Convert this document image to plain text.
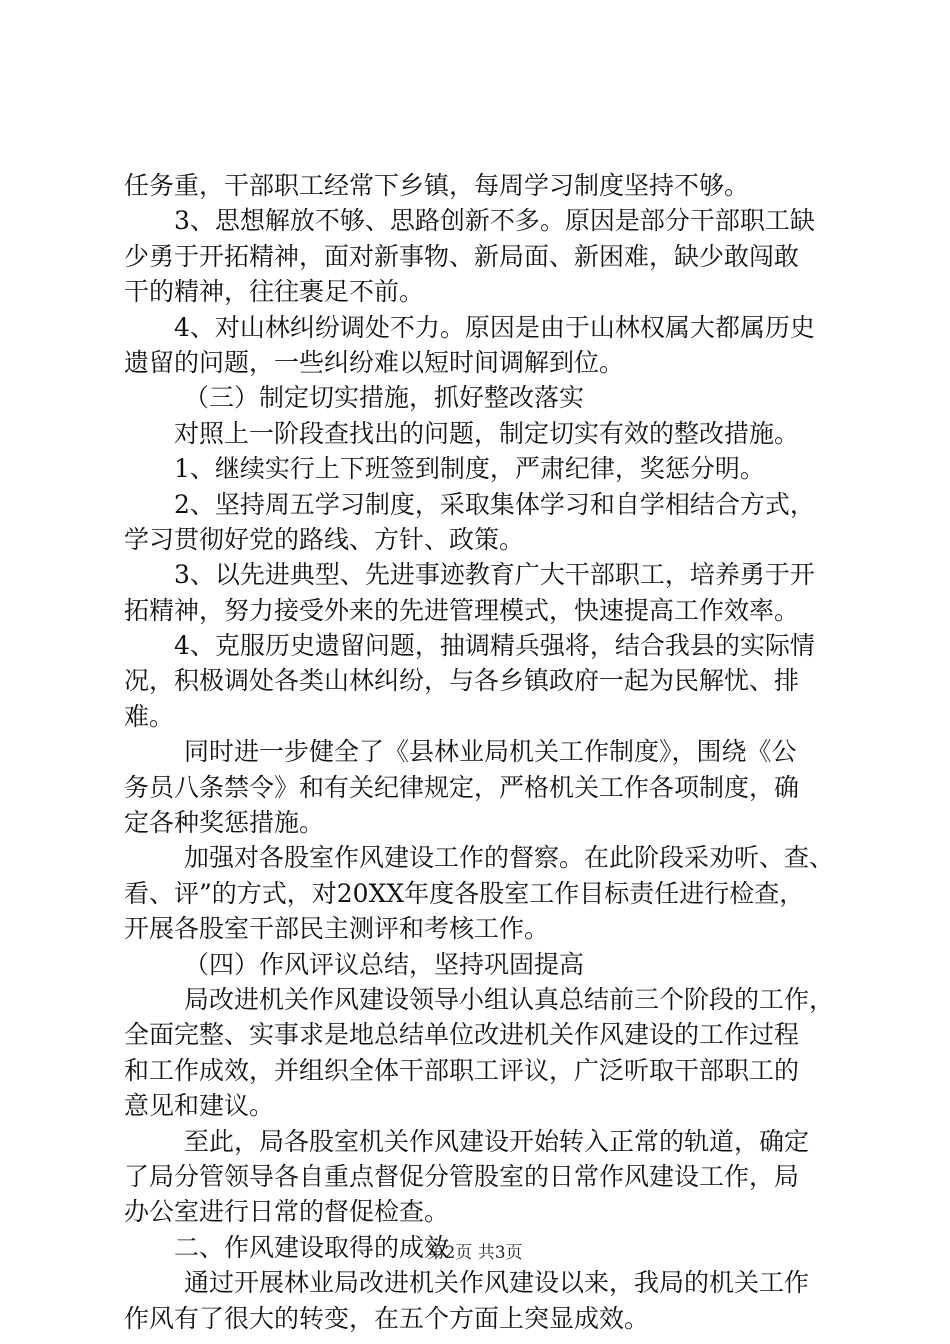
任务重，干部职工经常下乡镇，每周学习制度坚持不够。
3、思想解放不够、思路创新不多。原因是部分干部职工缺
少勇于开拓精神，面对新事物、新局面、新困难，缺少敢闯敢
干的精神，往往裹足不前。
4、对山林纠纷调处不力。原因是由于山林权属大都属历史
遗留的问题，一些纠纷难以短时间调解到位。
（三）制定切实措施，抓好整改落实
对照上一阶段查找出的问题，制定切实有效的整改措施。
1、继续实行上下班签到制度，严肃纪律，奖惩分明。
2、坚持周五学习制度，采取集体学习和自学相结合方式，
学习贯彻好党的路线、方针、政策。
3、以先进典型、先进事迹教育广大干部职工，培养勇于开
拓精神，努力接受外来的先进管理模式，快速提高工作效率。
4、克服历史遗留问题，抽调精兵强将，结合我县的实际情
况，积极调处各类山林纠纷，与各乡镇政府一起为民解忧、排
难。
同时进一步健全了《县林业局机关工作制度》，围绕《公
务员八条禁令》和有关纪律规定，严格机关工作各项制度，确
定各种奖惩措施。
加强对各股室作风建设工作的督察。在此阶段采劝听、查、
看、评”的方式，对20XX年度各股室工作目标责任进行检查，
开展各股室干部民主测评和考核工作。
（四）作风评议总结，坚持巩固提高
局改进机关作风建设领导小组认真总结前三个阶段的工作，
全面完整、实事求是地总结单位改进机关作风建设的工作过程
和工作成效，并组织全体干部职工评议，广泛听取干部职工的
意见和建议。
至此，局各股室机关作风建设开始转入正常的轨道，确定
了局分管领导各自重点督促分管股室的日常作风建设工作，局
办公室进行日常的督促检查。
二、作风建设取得的成效
通过开展林业局改进机关作风建设以来，我局的机关工作
作风有了很大的转变，在五个方面上突显成效。
第2页 共3页
